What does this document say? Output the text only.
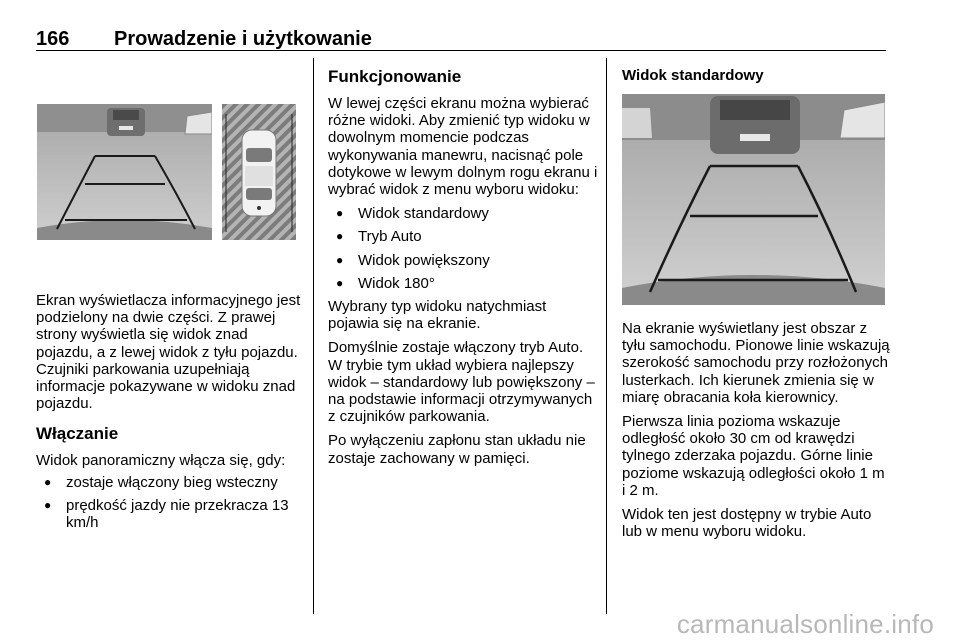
166 Prowadzenie i użytkowanie

Ekran wyświetlacza informacyjnego jest podzielony na dwie części. Z prawej strony wyświetla się widok znad pojazdu, a z lewej widok z tyłu pojazdu. Czujniki parkowania uzupełniają informacje pokazywane w widoku znad pojazdu.

Włączanie

Widok panoramiczny włącza się, gdy:

● zostaje włączony bieg wsteczny
● prędkość jazdy nie przekracza 13 km/h
Funkcjonowanie

W lewej części ekranu można wybierać różne widoki. Aby zmienić typ widoku w dowolnym momencie podczas wykonywania manewru, nacisnąć pole dotykowe w lewym dolnym rogu ekranu i wybrać widok z menu wyboru widoku:

● Widok standardowy
● Tryb Auto
● Widok powiększony
● Widok 180°

Wybrany typ widoku natychmiast pojawia się na ekranie.

Domyślnie zostaje włączony tryb Auto. W trybie tym układ wybiera najlepszy widok – standardowy lub powiększony – na podstawie informacji otrzymywanych z czujników parkowania.

Po wyłączeniu zapłonu stan układu nie zostaje zachowany w pamięci.

Widok standardowy

Na ekranie wyświetlany jest obszar z tyłu samochodu. Pionowe linie wskazują szerokość samochodu przy rozłożonych lusterkach. Ich kierunek zmienia się w miarę obracania koła kierownicy.

Pierwsza linia pozioma wskazuje odległość około 30 cm od krawędzi tylnego zderzaka pojazdu. Górne linie poziome wskazują odległości około 1 m i 2 m.

Widok ten jest dostępny w trybie Auto lub w menu wyboru widoku.

carmanualsonline.info
